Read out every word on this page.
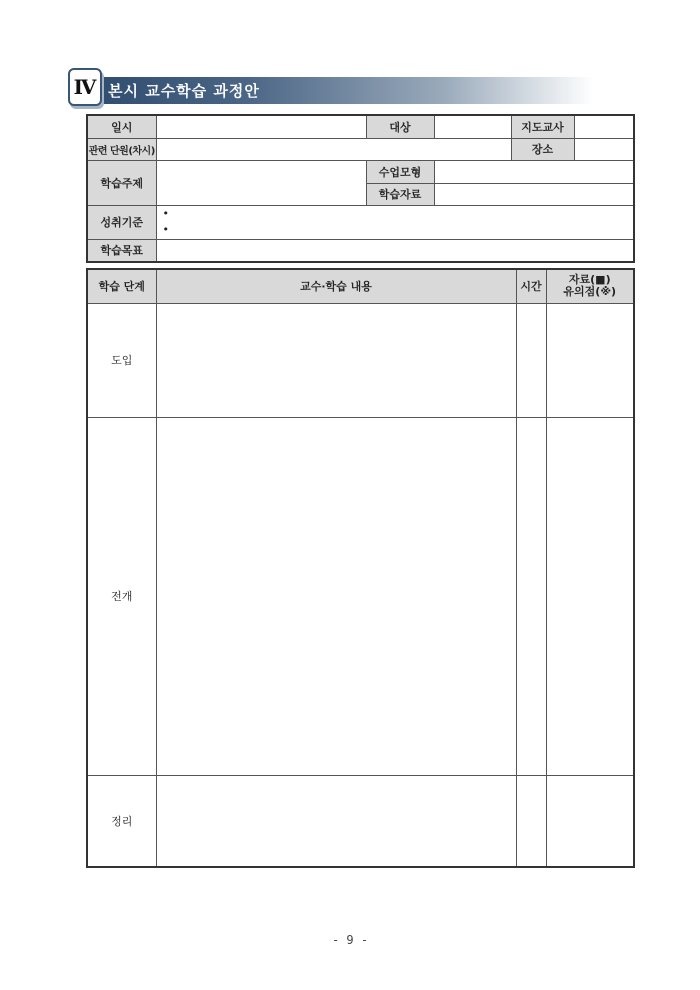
본시 교수학습 과정안
Ⅳ
일시		대상		지도교사	
관련 단원(차시)				장소	
학습주제		수업모형			
		학습자료			
성취기준	•
•				

학습목표					
학습 단계	교수·학습 내용	시간	자료(■)
유의점(※)

도입			
전개			
정리			
- 9 -
